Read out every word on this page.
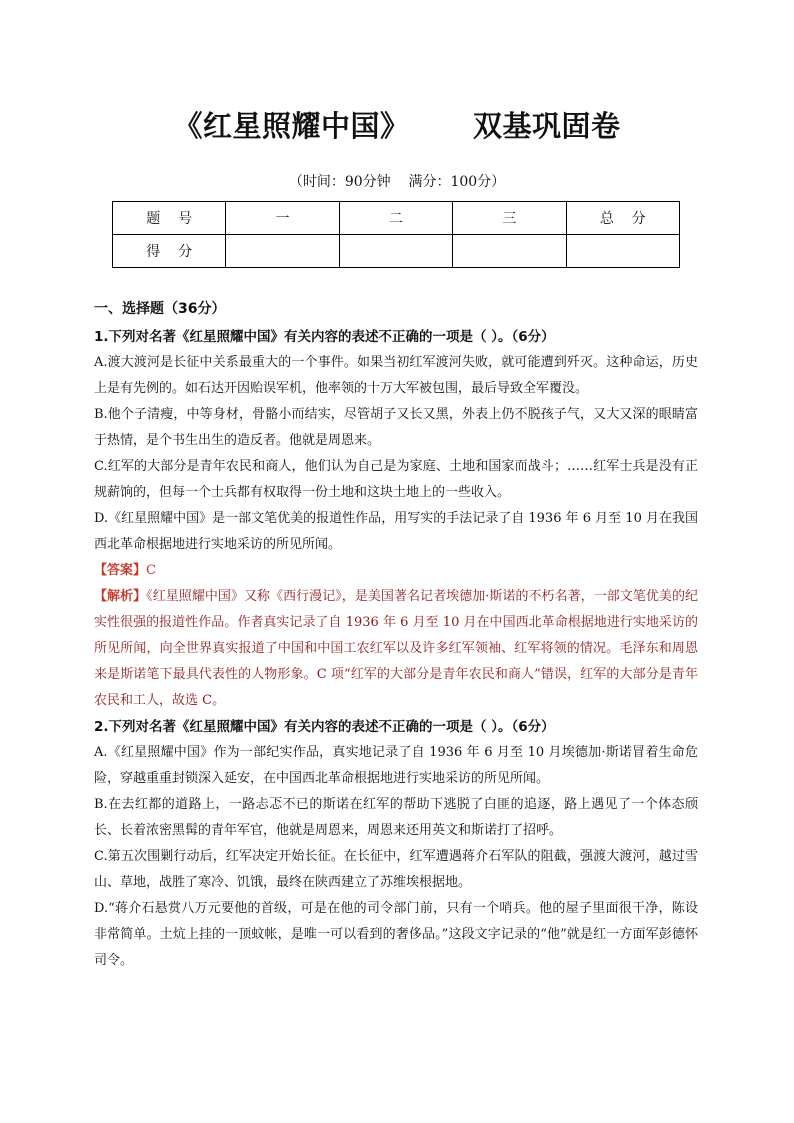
《红星照耀中国》      双基巩固卷
（时间：90分钟    满分：100分）
题    号	一	二	三	总    分
得    分				
一、选择题（36分）
1.下列对名著《红星照耀中国》有关内容的表述不正确的一项是（ ）。（6分）
A.渡大渡河是长征中关系最重大的一个事件。如果当初红军渡河失败，就可能遭到歼灭。这种命运，历史上是有先例的。如石达开因贻误军机，他率领的十万大军被包围，最后导致全军覆没。
B.他个子清瘦，中等身材，骨骼小而结实，尽管胡子又长又黑，外表上仍不脱孩子气，又大又深的眼睛富于热情，是个书生出生的造反者。他就是周恩来。
C.红军的大部分是青年农民和商人，他们认为自己是为家庭、土地和国家而战斗；……红军士兵是没有正规薪饷的，但每一个士兵都有权取得一份土地和这块土地上的一些收入。
D.《红星照耀中国》是一部文笔优美的报道性作品，用写实的手法记录了自 1936 年 6 月至 10 月在我国西北革命根据地进行实地采访的所见所闻。
【答案】C
【解析】《红星照耀中国》又称《西行漫记》，是美国著名记者埃德加·斯诺的不朽名著，一部文笔优美的纪实性很强的报道性作品。作者真实记录了自 1936 年 6 月至 10 月在中国西北革命根据地进行实地采访的所见所闻，向全世界真实报道了中国和中国工农红军以及许多红军领袖、红军将领的情况。毛泽东和周恩来是斯诺笔下最具代表性的人物形象。C 项“红军的大部分是青年农民和商人”错误，红军的大部分是青年农民和工人，故选 C。
2.下列对名著《红星照耀中国》有关内容的表述不正确的一项是（ ）。（6分）
A.《红星照耀中国》作为一部纪实作品，真实地记录了自 1936 年 6 月至 10 月埃德加·斯诺冒着生命危险，穿越重重封锁深入延安，在中国西北革命根据地进行实地采访的所见所闻。
B.在去红都的道路上，一路忐忑不已的斯诺在红军的帮助下逃脱了白匪的追逐，路上遇见了一个体态颀长、长着浓密黑髯的青年军官，他就是周恩来，周恩来还用英文和斯诺打了招呼。
C.第五次围剿行动后，红军决定开始长征。在长征中，红军遭遇蒋介石军队的阻截，强渡大渡河，越过雪山、草地，战胜了寒冷、饥饿，最终在陕西建立了苏维埃根据地。
D.“蒋介石悬赏八万元要他的首级，可是在他的司令部门前，只有一个哨兵。他的屋子里面很干净，陈设非常简单。土炕上挂的一顶蚊帐，是唯一可以看到的奢侈品。”这段文字记录的“他”就是红一方面军彭德怀司令。
